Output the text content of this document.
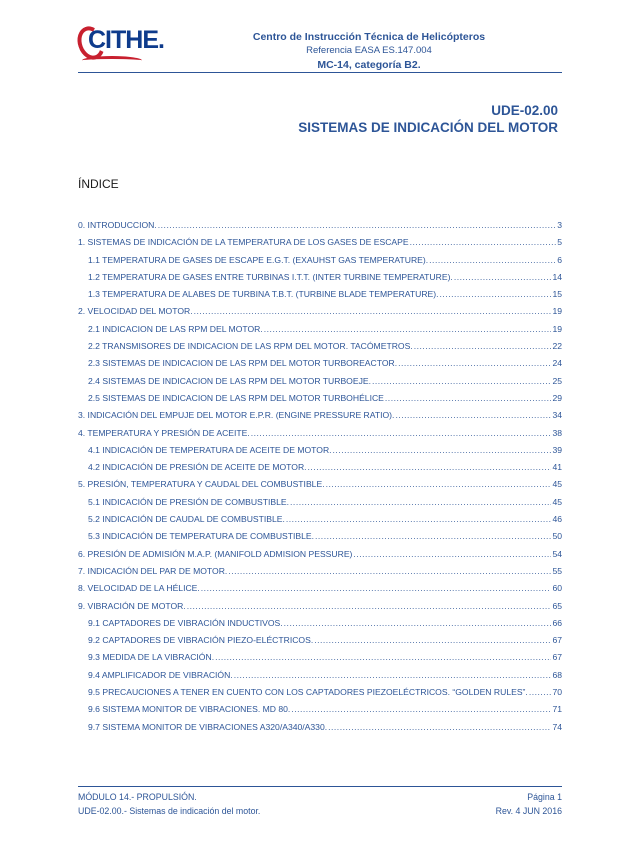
CITHE.	Centro de Instrucción Técnica de Helicópteros
Referencia EASA ES.147.004
MC-14, categoría B2.
UDE-02.00
SISTEMAS DE INDICACIÓN DEL MOTOR
ÍNDICE
0. INTRODUCCION. .....	3
1. SISTEMAS DE INDICACIÓN DE LA TEMPERATURA DE LOS GASES DE ESCAPE .....	5
1.1 TEMPERATURA DE GASES DE ESCAPE E.G.T. (EXAUHST GAS TEMPERATURE). .....	6
1.2 TEMPERATURA DE GASES ENTRE TURBINAS I.T.T. (INTER TURBINE TEMPERATURE). .....	14
1.3 TEMPERATURA DE ALABES DE TURBINA T.B.T. (TURBINE BLADE TEMPERATURE). .....	15
2. VELOCIDAD DEL MOTOR. .....	19
2.1 INDICACION DE LAS RPM DEL MOTOR. .....	19
2.2 TRANSMISORES DE INDICACION DE LAS RPM DEL MOTOR. TACÓMETROS. .....	22
2.3 SISTEMAS DE INDICACION DE LAS RPM DEL MOTOR TURBOREACTOR. .....	24
2.4 SISTEMAS DE INDICACION DE LAS RPM DEL MOTOR TURBOEJE. .....	25
2.5 SISTEMAS DE INDICACION DE LAS RPM DEL MOTOR TURBOHÉLICE .....	29
3. INDICACIÓN DEL EMPUJE DEL MOTOR E.P.R. (ENGINE PRESSURE RATIO). .....	34
4. TEMPERATURA Y PRESIÓN DE ACEITE. .....	38
4.1 INDICACIÓN DE TEMPERATURA DE ACEITE DE MOTOR. .....	39
4.2 INDICACIÓN DE PRESIÓN DE ACEITE DE MOTOR. .....	41
5. PRESIÓN, TEMPERATURA Y CAUDAL DEL COMBUSTIBLE. .....	45
5.1 INDICACIÓN DE PRESIÓN DE COMBUSTIBLE. .....	45
5.2 INDICACIÓN DE CAUDAL DE COMBUSTIBLE. .....	46
5.3 INDICACIÓN DE TEMPERATURA DE COMBUSTIBLE. .....	50
6. PRESIÓN DE ADMISIÓN M.A.P. (MANIFOLD ADMISION PESSURE) .....	54
7. INDICACIÓN DEL PAR DE MOTOR. .....	55
8. VELOCIDAD DE LA HÉLICE. .....	60
9. VIBRACIÓN DE MOTOR. .....	65
9.1 CAPTADORES DE VIBRACIÓN INDUCTIVOS. .....	66
9.2 CAPTADORES DE VIBRACIÓN PIEZO-ELÉCTRICOS. .....	67
9.3 MEDIDA DE LA VIBRACIÓN. .....	67
9.4 AMPLIFICADOR DE VIBRACIÓN. .....	68
9.5 PRECAUCIONES A TENER EN CUENTO CON LOS CAPTADORES PIEZOELÉCTRICOS. “GOLDEN RULES”. .....	70
9.6 SISTEMA MONITOR DE VIBRACIONES. MD 80. .....	71
9.7 SISTEMA MONITOR DE VIBRACIONES A320/A340/A330. .....	74
MÓDULO 14.- PROPULSIÓN.	Página 1
UDE-02.00.- Sistemas de indicación del motor.	Rev. 4 JUN 2016
